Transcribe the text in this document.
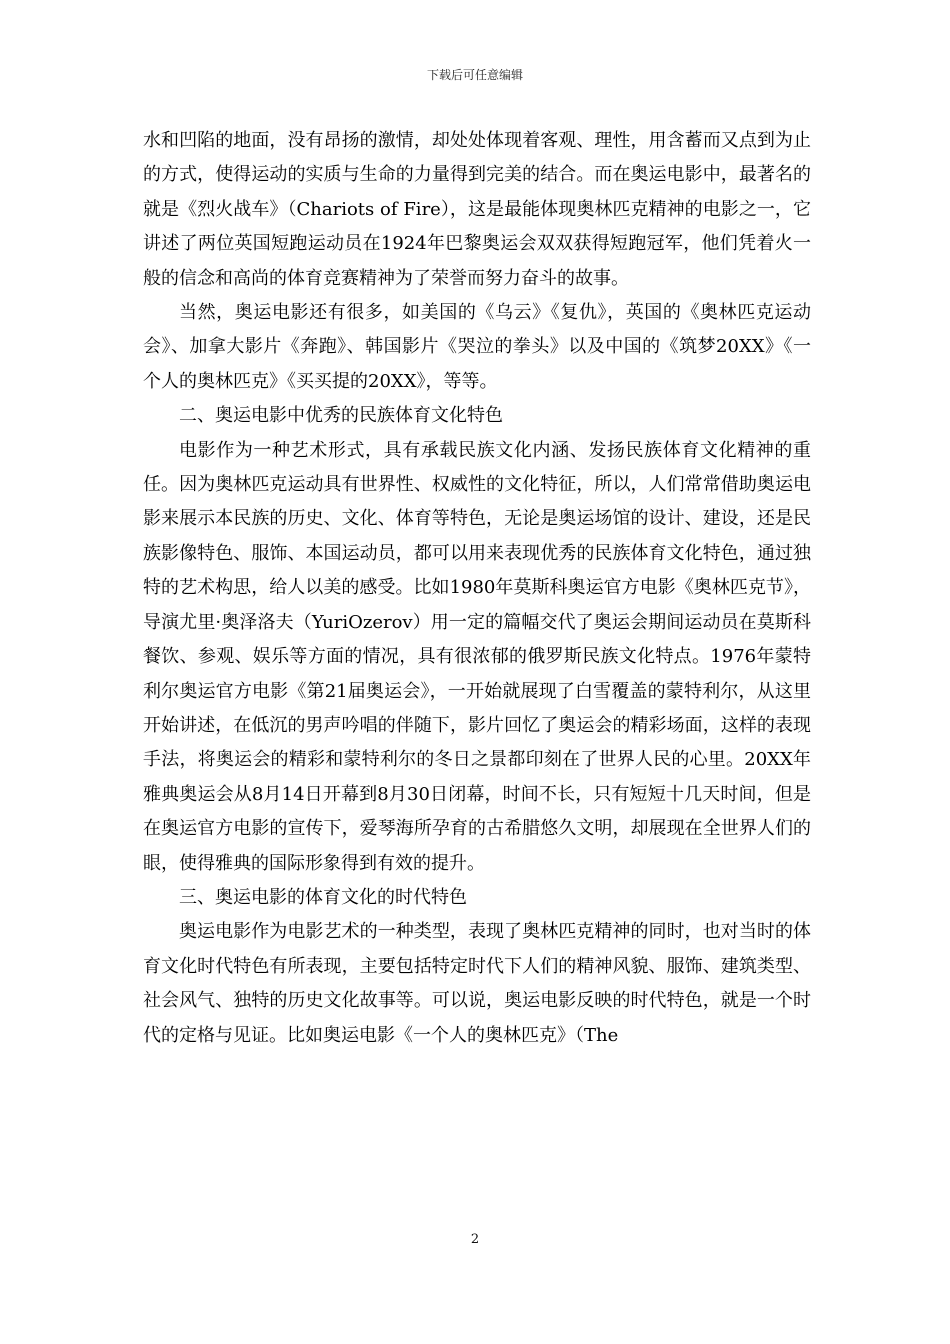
下载后可任意编辑

水和凹陷的地面，没有昂扬的激情，却处处体现着客观、理性，用含蓄而又点到为止的方式，使得运动的实质与生命的力量得到完美的结合。而在奥运电影中，最著名的就是《烈火战车》（Chariots of Fire），这是最能体现奥林匹克精神的电影之一，它讲述了两位英国短跑运动员在1924年巴黎奥运会双双获得短跑冠军，他们凭着火一般的信念和高尚的体育竞赛精神为了荣誉而努力奋斗的故事。

当然，奥运电影还有很多，如美国的《乌云》《复仇》，英国的《奥林匹克运动会》、加拿大影片《奔跑》、韩国影片《哭泣的拳头》以及中国的《筑梦20XX》《一个人的奥林匹克》《买买提的20XX》，等等。

二、奥运电影中优秀的民族体育文化特色

电影作为一种艺术形式，具有承载民族文化内涵、发扬民族体育文化精神的重任。因为奥林匹克运动具有世界性、权威性的文化特征，所以，人们常常借助奥运电影来展示本民族的历史、文化、体育等特色，无论是奥运场馆的设计、建设，还是民族影像特色、服饰、本国运动员，都可以用来表现优秀的民族体育文化特色，通过独特的艺术构思，给人以美的感受。比如1980年莫斯科奥运官方电影《奥林匹克节》，导演尤里·奥泽洛夫（YuriOzerov）用一定的篇幅交代了奥运会期间运动员在莫斯科餐饮、参观、娱乐等方面的情况，具有很浓郁的俄罗斯民族文化特点。1976年蒙特利尔奥运官方电影《第21届奥运会》，一开始就展现了白雪覆盖的蒙特利尔，从这里开始讲述，在低沉的男声吟唱的伴随下，影片回忆了奥运会的精彩场面，这样的表现手法，将奥运会的精彩和蒙特利尔的冬日之景都印刻在了世界人民的心里。20XX年雅典奥运会从8月14日开幕到8月30日闭幕，时间不长，只有短短十几天时间，但是在奥运官方电影的宣传下，爱琴海所孕育的古希腊悠久文明，却展现在全世界人们的眼，使得雅典的国际形象得到有效的提升。

三、奥运电影的体育文化的时代特色

奥运电影作为电影艺术的一种类型，表现了奥林匹克精神的同时，也对当时的体育文化时代特色有所表现，主要包括特定时代下人们的精神风貌、服饰、建筑类型、社会风气、独特的历史文化故事等。可以说，奥运电影反映的时代特色，就是一个时代的定格与见证。比如奥运电影《一个人的奥林匹克》（The

2
